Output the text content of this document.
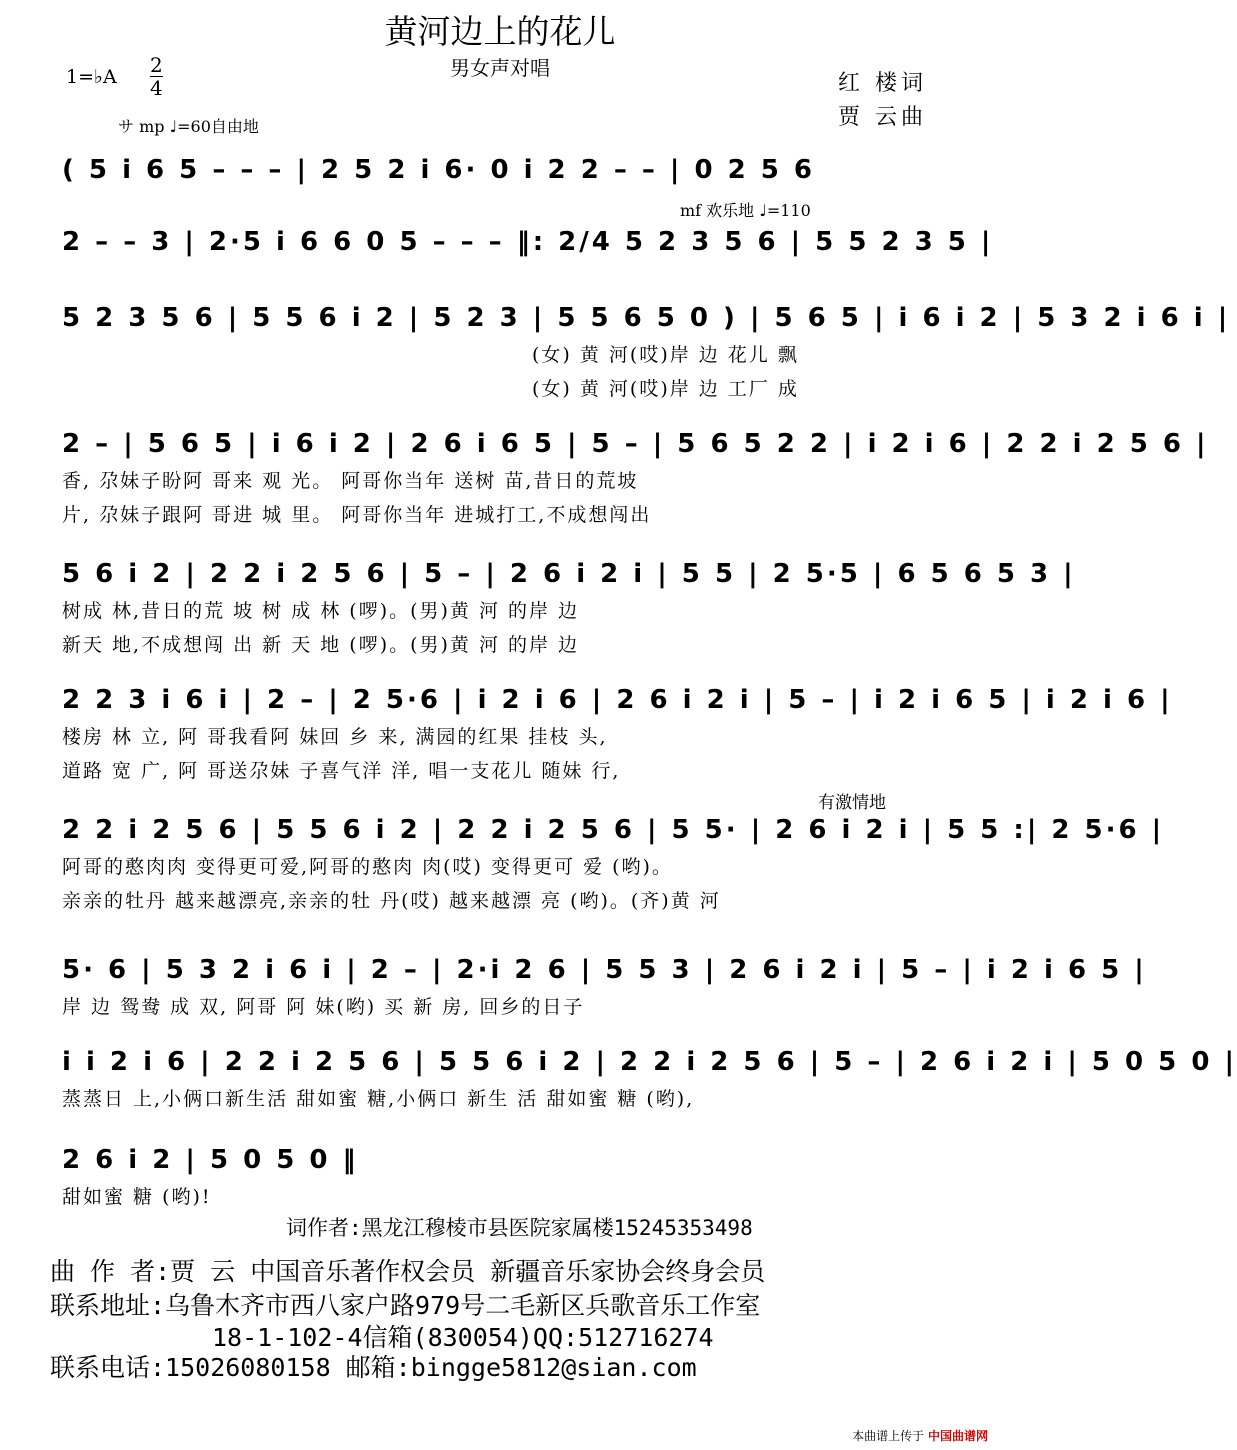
黄河边上的花儿
男女声对唱
1=♭A 2
4	红 楼词
贾 云曲
サ mp ♩=60自由地
( 5 i 6 5 – – – | 2 5 2 i 6· 0 i 2 2 – – | 0 2 5 6
2 – – 3 | 2·5 i 6 6 0 5 – – – ‖: 2/4 5 2 3 5 6 | 5 5 2 3 5 |
mf 欢乐地 ♩=110
5 2 3 5 6 | 5 5 6 i 2 | 5 2 3 | 5 5 6 5 0 ) | 5 6 5 | i 6 i 2 | 5 3 2 i 6 i |
(女) 黄 河(哎)岸 边 花儿 飘
(女) 黄 河(哎)岸 边 工厂 成
2 – | 5 6 5 | i 6 i 2 | 2 6 i 6 5 | 5 – | 5 6 5 2 2 | i 2 i 6 | 2 2 i 2 5 6 |
香, 尕妹子盼阿 哥来 观 光。 阿哥你当年 送树 苗,昔日的荒坡
片, 尕妹子跟阿 哥进 城 里。 阿哥你当年 进城打工,不成想闯出
5 6 i 2 | 2 2 i 2 5 6 | 5 – | 2 6 i 2 i | 5 5 | 2 5·5 | 6 5 6 5 3 |
树成 林,昔日的荒 坡 树 成 林 (啰)。(男)黄 河 的岸 边
新天 地,不成想闯 出 新 天 地 (啰)。(男)黄 河 的岸 边
2 2 3 i 6 i | 2 – | 2 5·6 | i 2 i 6 | 2 6 i 2 i | 5 – | i 2 i 6 5 | i 2 i 6 |
楼房 林 立, 阿 哥我看阿 妹回 乡 来, 满园的红果 挂枝 头,
道路 宽 广, 阿 哥送尕妹 子喜气洋 洋, 唱一支花儿 随妹 行,
有激情地
2 2 i 2 5 6 | 5 5 6 i 2 | 2 2 i 2 5 6 | 5 5· | 2 6 i 2 i | 5 5 :| 2 5·6 |
阿哥的憨肉肉 变得更可爱,阿哥的憨肉 肉(哎) 变得更可 爱 (哟)。
亲亲的牡丹 越来越漂亮,亲亲的牡 丹(哎) 越来越漂 亮 (哟)。(齐)黄 河
5· 6 | 5 3 2 i 6 i | 2 – | 2·i 2 6 | 5 5 3 | 2 6 i 2 i | 5 – | i 2 i 6 5 |
岸 边 鸳鸯 成 双, 阿哥 阿 妹(哟) 买 新 房, 回乡的日子
i i 2 i 6 | 2 2 i 2 5 6 | 5 5 6 i 2 | 2 2 i 2 5 6 | 5 – | 2 6 i 2 i | 5 0 5 0 |
蒸蒸日 上,小俩口新生活 甜如蜜 糖,小俩口 新生 活 甜如蜜 糖 (哟),
2 6 i 2 | 5 0 5 0 ‖
甜如蜜 糖 (哟)!
词作者:黑龙江穆棱市县医院家属楼15245353498
曲 作 者:贾 云 中国音乐著作权会员 新疆音乐家协会终身会员
联系地址:乌鲁木齐市西八家户路979号二毛新区兵歌音乐工作室
18-1-102-4信箱(830054)QQ:512716274
联系电话:15026080158 邮箱:bingge5812@sian.com
本曲谱上传于 中国曲谱网
